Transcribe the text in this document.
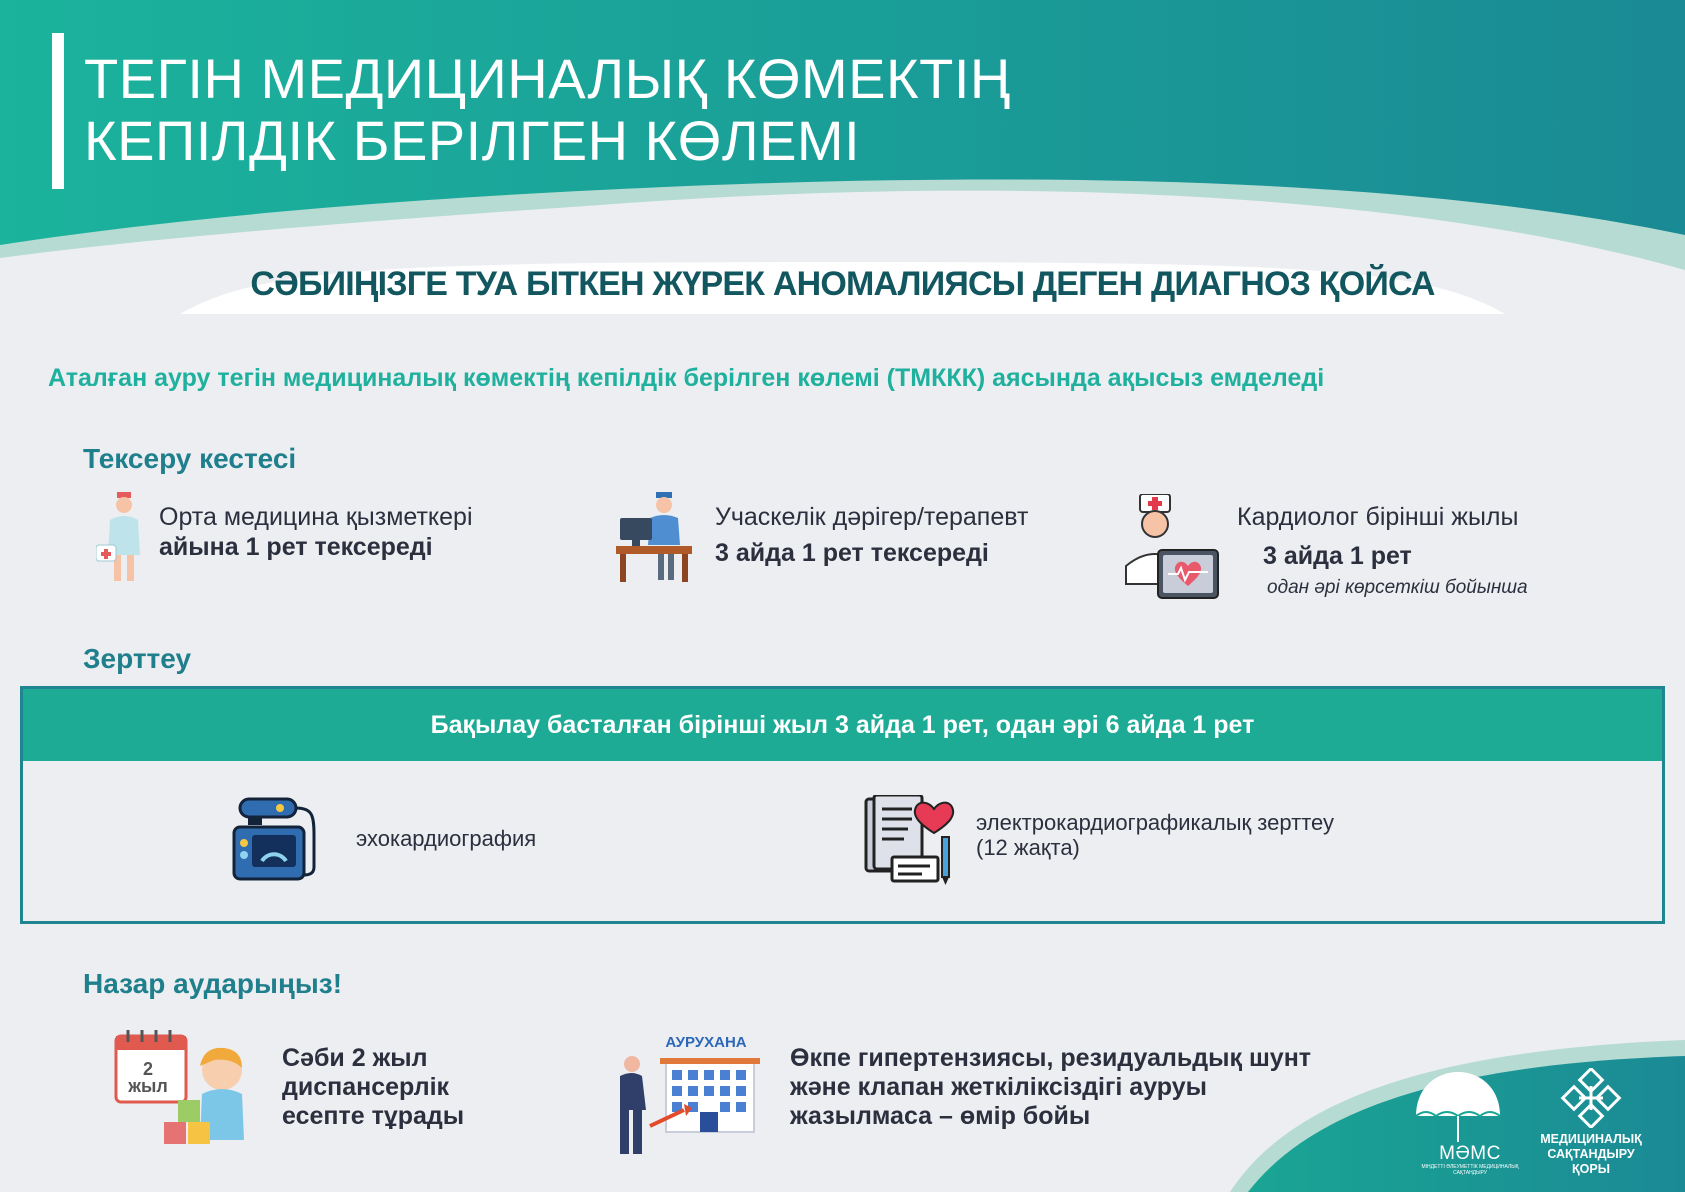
ТЕГІН МЕДИЦИНАЛЫҚ КӨМЕКТІҢ
КЕПІЛДІК БЕРІЛГЕН КӨЛЕМІ
СӘБИІҢІЗГЕ ТУА БІТКЕН ЖҮРЕК АНОМАЛИЯСЫ ДЕГЕН ДИАГНОЗ ҚОЙСА
Аталған ауру тегін медициналық көмектің кепілдік берілген көлемі (ТМККК) аясында ақысыз емделеді
Тексеру кестесі
Орта медицина қызметкері
айына 1 рет тексереді
Учаскелік дәрігер/терапевт
3 айда 1 рет тексереді
Кардиолог бірінші жылы
3 айда 1 рет
одан әрі көрсеткіш бойынша
Зерттеу
Бақылау басталған бірінші жыл 3 айда 1 рет, одан әрі 6 айда 1 рет
эхокардиография
электрокардиографикалық зерттеу
(12 жақта)
Назар аударыңыз!
2
жыл
Сәби 2 жыл
диспансерлік
есепте тұрады
АУРУХАНА
Өкпе гипертензиясы, резидуальдық шунт
және клапан жеткіліксіздігі ауруы
жазылмаса – өмір бойы
МӘМС
МІНДЕТТІ ӘЛЕУМЕТТІК МЕДИЦИНАЛЫҚ САҚТАНДЫРУ
МЕДИЦИНАЛЫҚ
САҚТАНДЫРУ
ҚОРЫ
